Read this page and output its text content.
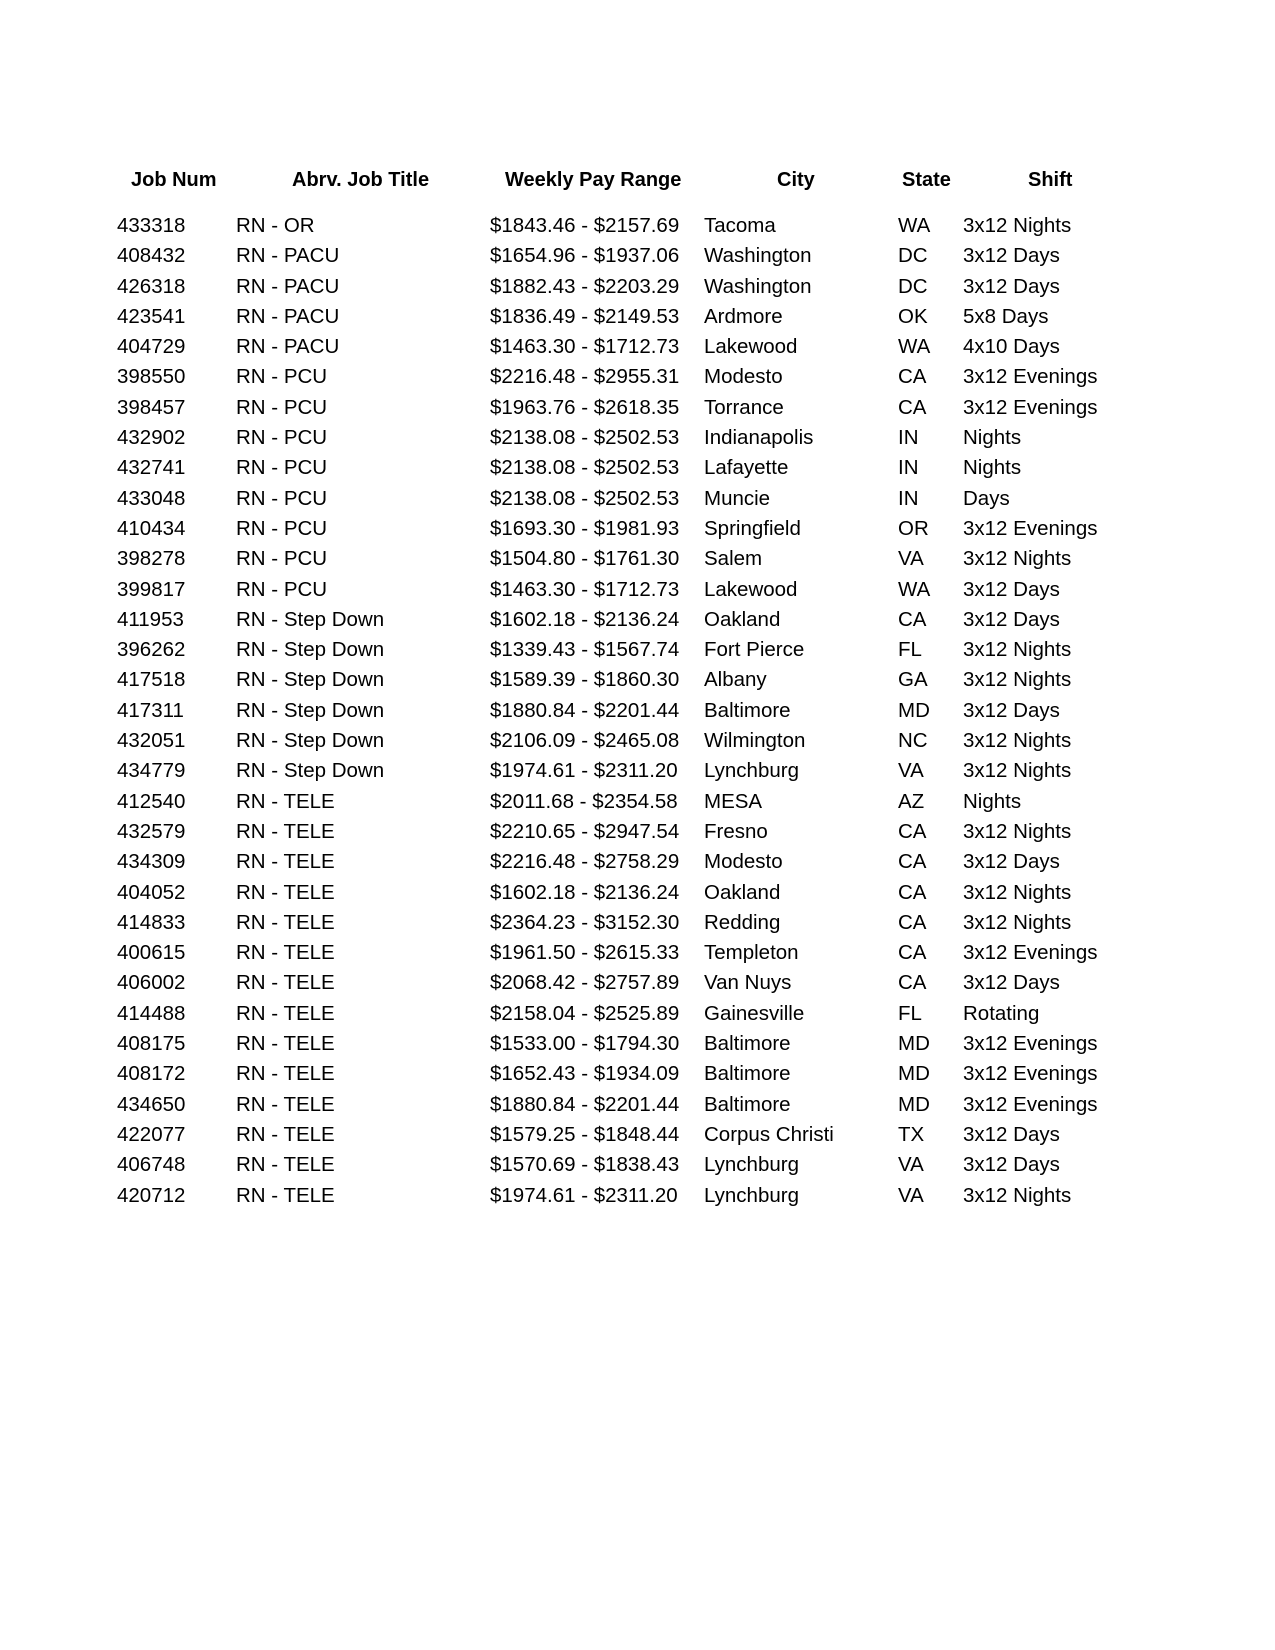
Job Num	Abrv. Job Title	Weekly Pay Range	City	State	Shift
433318 RN - OR	$1843.46 - $2157.69 Tacoma	WA 3x12 Nights
408432 RN - PACU	$1654.96 - $1937.06 Washington	DC 3x12 Days
426318 RN - PACU	$1882.43 - $2203.29 Washington	DC 3x12 Days
423541 RN - PACU	$1836.49 - $2149.53 Ardmore	OK 5x8 Days
404729 RN - PACU	$1463.30 - $1712.73 Lakewood	WA 4x10 Days
398550 RN - PCU	$2216.48 - $2955.31 Modesto	CA 3x12 Evenings
398457 RN - PCU	$1963.76 - $2618.35 Torrance	CA 3x12 Evenings
432902 RN - PCU	$2138.08 - $2502.53 Indianapolis	IN Nights
432741 RN - PCU	$2138.08 - $2502.53 Lafayette	IN Nights
433048 RN - PCU	$2138.08 - $2502.53 Muncie	IN Days
410434 RN - PCU	$1693.30 - $1981.93 Springfield	OR 3x12 Evenings
398278 RN - PCU	$1504.80 - $1761.30 Salem	VA 3x12 Nights
399817 RN - PCU	$1463.30 - $1712.73 Lakewood	WA 3x12 Days
411953	RN - Step Down	$1602.18 - $2136.24 Oakland	CA 3x12 Days
396262 RN - Step Down	$1339.43 - $1567.74 Fort Pierce	FL 3x12 Nights
417518 RN - Step Down	$1589.39 - $1860.30 Albany	GA 3x12 Nights
417311	RN - Step Down	$1880.84 - $2201.44 Baltimore	MD 3x12 Days
432051 RN - Step Down	$2106.09 - $2465.08 Wilmington	NC 3x12 Nights
434779 RN - Step Down	$1974.61 - $2311.20 Lynchburg	VA 3x12 Nights
412540 RN - TELE	$2011.68 - $2354.58 MESA	AZ Nights
432579 RN - TELE	$2210.65 - $2947.54 Fresno	CA 3x12 Nights
434309 RN - TELE	$2216.48 - $2758.29 Modesto	CA 3x12 Days
404052 RN - TELE	$1602.18 - $2136.24 Oakland	CA 3x12 Nights
414833 RN - TELE	$2364.23 - $3152.30 Redding	CA 3x12 Nights
400615 RN - TELE	$1961.50 - $2615.33 Templeton	CA 3x12 Evenings
406002 RN - TELE	$2068.42 - $2757.89 Van Nuys	CA 3x12 Days
414488 RN - TELE	$2158.04 - $2525.89 Gainesville	FL Rotating
408175 RN - TELE	$1533.00 - $1794.30 Baltimore	MD 3x12 Evenings
408172 RN - TELE	$1652.43 - $1934.09 Baltimore	MD 3x12 Evenings
434650 RN - TELE	$1880.84 - $2201.44 Baltimore	MD 3x12 Evenings
422077 RN - TELE	$1579.25 - $1848.44 Corpus Christi	TX 3x12 Days
406748 RN - TELE	$1570.69 - $1838.43 Lynchburg	VA 3x12 Days
420712 RN - TELE	$1974.61 - $2311.20 Lynchburg	VA 3x12 Nights
